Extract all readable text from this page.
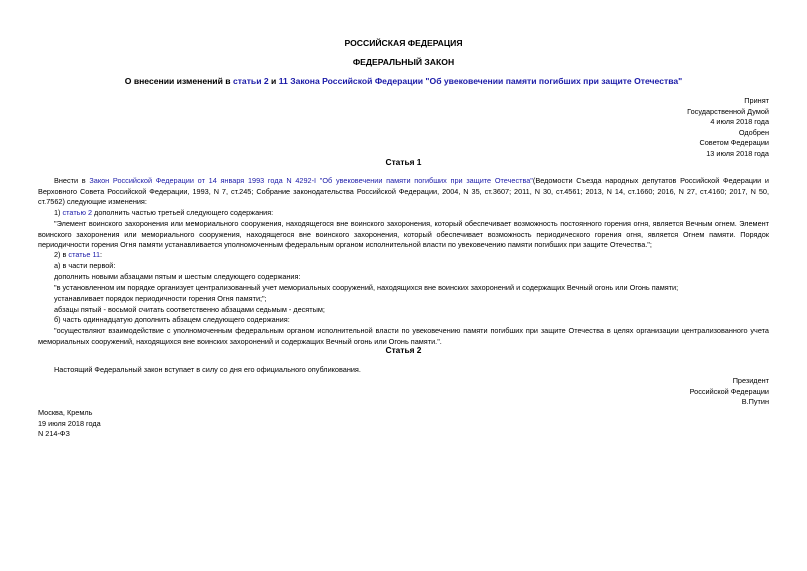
РОССИЙСКАЯ ФЕДЕРАЦИЯ
ФЕДЕРАЛЬНЫЙ ЗАКОН
О внесении изменений в статьи 2 и 11 Закона Российской Федерации "Об увековечении памяти погибших при защите Отечества"
Принят
Государственной Думой
4 июля 2018 года
Одобрен
Советом Федерации
13 июля 2018 года
Статья 1
Внести в Закон Российской Федерации от 14 января 1993 года N 4292-I "Об увековечении памяти погибших при защите Отечества"(Ведомости Съезда народных депутатов Российской Федерации и Верховного Совета Российской Федерации, 1993, N 7, ст.245; Собрание законодательства Российской Федерации, 2004, N 35, ст.3607; 2011, N 30, ст.4561; 2013, N 14, ст.1660; 2016, N 27, ст.4160; 2017, N 50, ст.7562) следующие изменения:
1) статью 2 дополнить частью третьей следующего содержания:
"Элемент воинского захоронения или мемориального сооружения, находящегося вне воинского захоронения, который обеспечивает возможность постоянного горения огня, является Вечным огнем. Элемент воинского захоронения или мемориального сооружения, находящегося вне воинского захоронения, который обеспечивает возможность периодического горения огня, является Огнем памяти. Порядок периодичности горения Огня памяти устанавливается уполномоченным федеральным органом исполнительной власти по увековечению памяти погибших при защите Отечества.";
2) в статье 11:
а) в части первой:
дополнить новыми абзацами пятым и шестым следующего содержания:
"в установленном им порядке организует централизованный учет мемориальных сооружений, находящихся вне воинских захоронений и содержащих Вечный огонь или Огонь памяти;
устанавливает порядок периодичности горения Огня памяти;";
абзацы пятый - восьмой считать соответственно абзацами седьмым - десятым;
б) часть одиннадцатую дополнить абзацем следующего содержания:
"осуществляют взаимодействие с уполномоченным федеральным органом исполнительной власти по увековечению памяти погибших при защите Отечества в целях организации централизованного учета мемориальных сооружений, находящихся вне воинских захоронений и содержащих Вечный огонь или Огонь памяти.".
Статья 2
Настоящий Федеральный закон вступает в силу со дня его официального опубликования.
Президент
Российской Федерации
В.Путин
Москва, Кремль
19 июля 2018 года
N 214-ФЗ
